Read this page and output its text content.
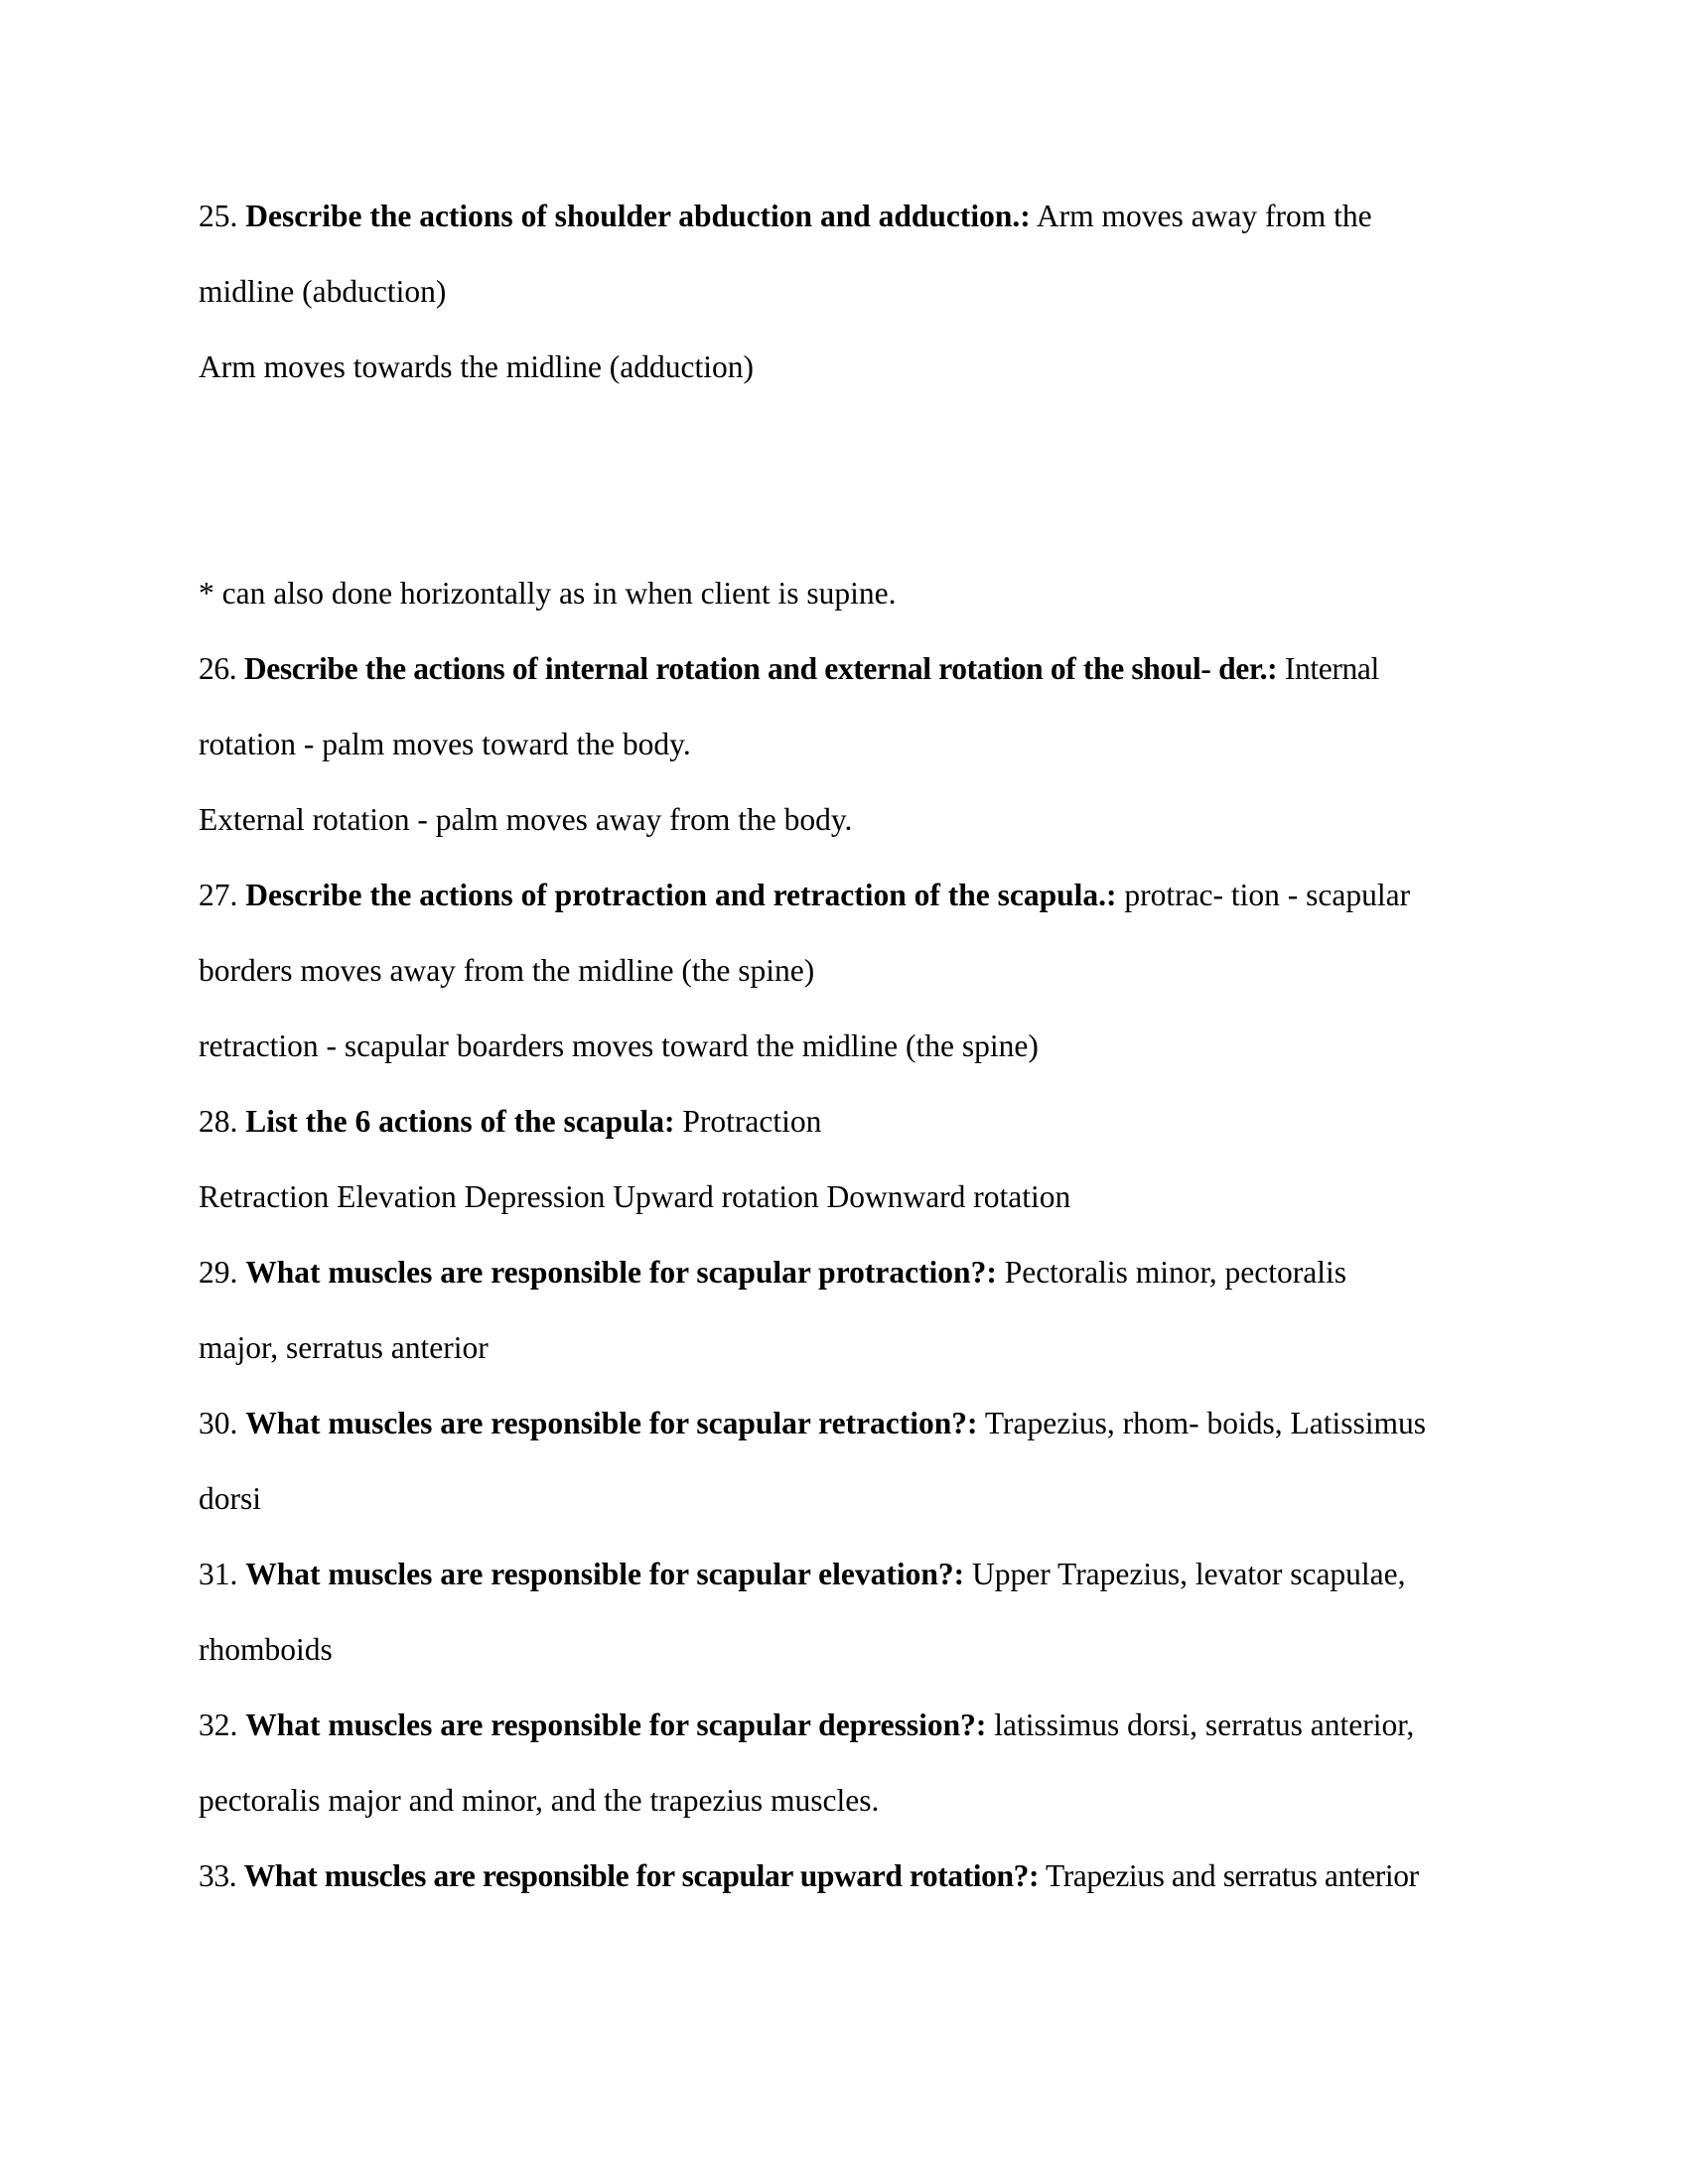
25. Describe the actions of shoulder abduction and adduction.: Arm moves away from the
midline (abduction)
Arm moves towards the midline (adduction)
* can also done horizontally as in when client is supine.
26. Describe the actions of internal rotation and external rotation of the shoul- der.: Internal
rotation - palm moves toward the body.
External rotation - palm moves away from the body.
27. Describe the actions of protraction and retraction of the scapula.: protrac- tion - scapular
borders moves away from the midline (the spine)
retraction - scapular boarders moves toward the midline (the spine)
28. List the 6 actions of the scapula: Protraction
Retraction Elevation Depression Upward rotation Downward rotation
29. What muscles are responsible for scapular protraction?: Pectoralis minor, pectoralis
major, serratus anterior
30. What muscles are responsible for scapular retraction?: Trapezius, rhom- boids, Latissimus
dorsi
31. What muscles are responsible for scapular elevation?: Upper Trapezius, levator scapulae,
rhomboids
32. What muscles are responsible for scapular depression?: latissimus dorsi, serratus anterior,
pectoralis major and minor, and the trapezius muscles.
33. What muscles are responsible for scapular upward rotation?: Trapezius and serratus anterior
